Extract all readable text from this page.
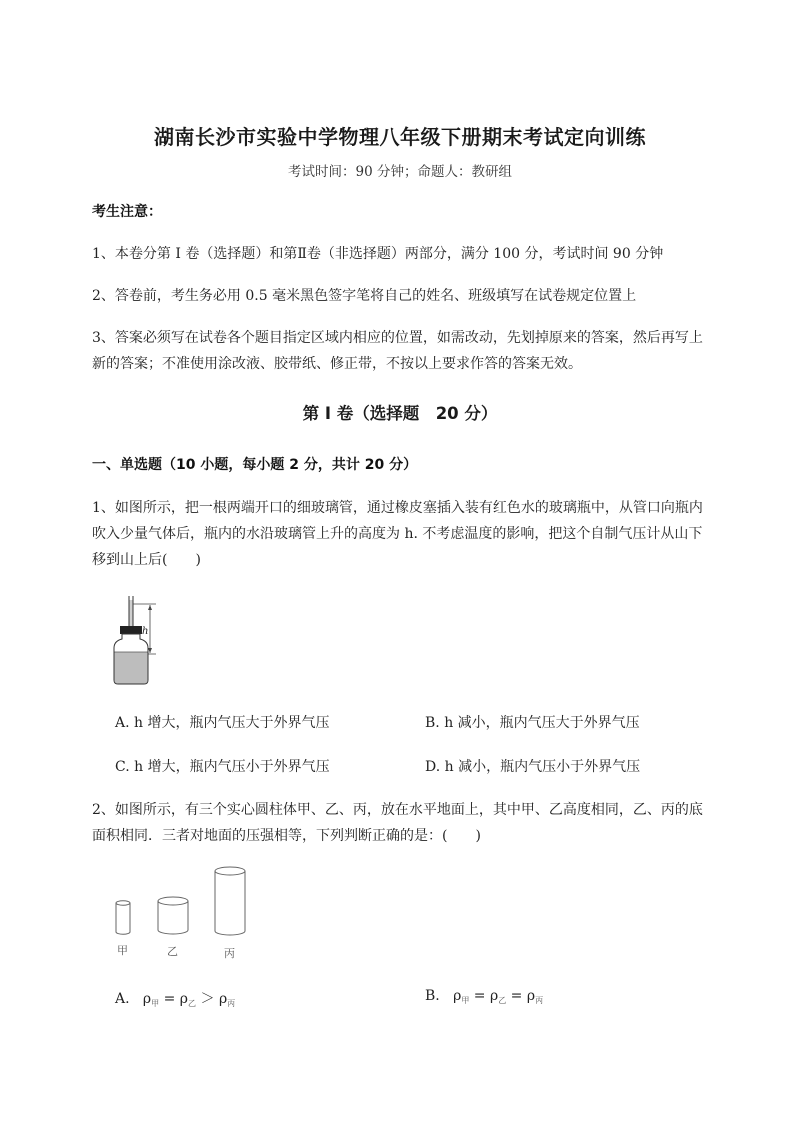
湖南长沙市实验中学物理八年级下册期末考试定向训练
考试时间：90 分钟；命题人：教研组
考生注意：
1、本卷分第 I 卷（选择题）和第Ⅱ卷（非选择题）两部分，满分 100 分，考试时间 90 分钟
2、答卷前，考生务必用 0.5 毫米黑色签字笔将自己的姓名、班级填写在试卷规定位置上
3、答案必须写在试卷各个题目指定区域内相应的位置，如需改动，先划掉原来的答案，然后再写上新的答案；不准使用涂改液、胶带纸、修正带，不按以上要求作答的答案无效。
第 I 卷（选择题　20 分）
一、单选题（10 小题，每小题 2 分，共计 20 分）
1、如图所示，把一根两端开口的细玻璃管，通过橡皮塞插入装有红色水的玻璃瓶中，从管口向瓶内吹入少量气体后，瓶内的水沿玻璃管上升的高度为 h. 不考虑温度的影响，把这个自制气压计从山下移到山上后(　　)
h
A. h 增大，瓶内气压大于外界气压	B. h 减小，瓶内气压大于外界气压
C. h 增大，瓶内气压小于外界气压	D. h 减小，瓶内气压小于外界气压
2、如图所示，有三个实心圆柱体甲、乙、丙，放在水平地面上，其中甲、乙高度相同，乙、丙的底面积相同．三者对地面的压强相等，下列判断正确的是：(　　)
甲	乙	丙
A. $\rho_甲 = \rho_乙 > \rho_丙$	B. $\rho_甲 = \rho_乙 = \rho_丙$
